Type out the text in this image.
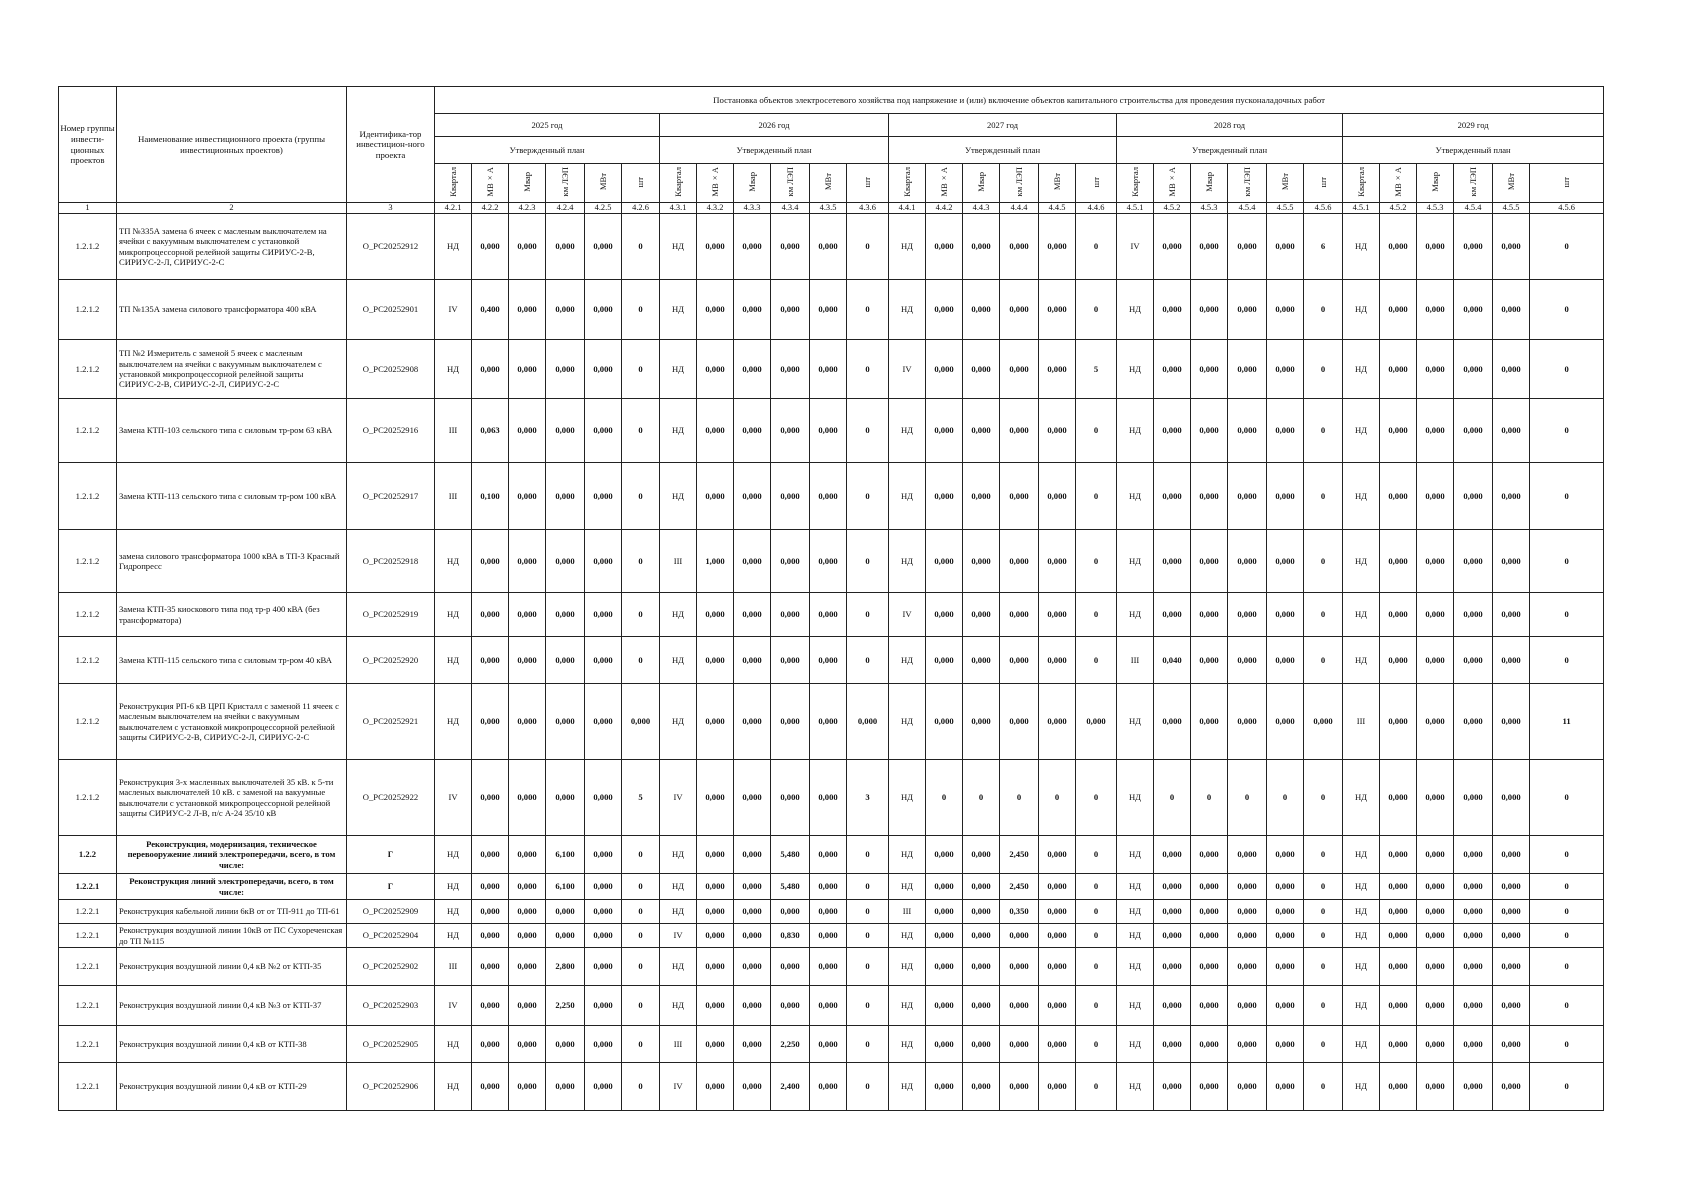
Номер группы инвести-ционных проектов	Наименование инвестиционного проекта (группы инвестиционных проектов)	Идентифика-тор инвестицион-ного проекта	Постановка объектов электросетевого хозяйства под напряжение и (или) включение объектов капитального строительства для проведения пусконаладочных работ																													
			2025 год						2026 год						2027 год						2028 год						2029 год					
			Утвержденный план						Утвержденный план						Утвержденный план						Утвержденный план						Утвержденный план					
			Квартал	МВ×А	Мвар	км ЛЭП	МВт	шт	Квартал	МВ×А	Мвар	км ЛЭП	МВт	шт	Квартал	МВ×А	Мвар	км ЛЭП	МВт	шт	Квартал	МВ×А	Мвар	км ЛЭП	МВт	шт	Квартал	МВ×А	Мвар	км ЛЭП	МВт	шт
1	2	3	4.2.1	4.2.2	4.2.3	4.2.4	4.2.5	4.2.6	4.3.1	4.3.2	4.3.3	4.3.4	4.3.5	4.3.6	4.4.1	4.4.2	4.4.3	4.4.4	4.4.5	4.4.6	4.5.1	4.5.2	4.5.3	4.5.4	4.5.5	4.5.6	4.5.1	4.5.2	4.5.3	4.5.4	4.5.5	4.5.6
1.2.1.2	ТП №335А замена 6 ячеек с масленым выключателем на ячейки с вакуумным выключателем с установкой микропроцессорной релейной защиты СИРИУС-2-В, СИРИУС-2-Л, СИРИУС-2-С	O_PC20252912	НД	0,000	0,000	0,000	0,000	0	НД	0,000	0,000	0,000	0,000	0	НД	0,000	0,000	0,000	0,000	0	IV	0,000	0,000	0,000	0,000	6	НД	0,000	0,000	0,000	0,000	0
1.2.1.2	ТП №135А замена силового трансформатора 400 кВА	O_PC20252901	IV	0,400	0,000	0,000	0,000	0	НД	0,000	0,000	0,000	0,000	0	НД	0,000	0,000	0,000	0,000	0	НД	0,000	0,000	0,000	0,000	0	НД	0,000	0,000	0,000	0,000	0
1.2.1.2	ТП №2 Измеритель с заменой 5 ячеек с масленым выключателем на ячейки с вакуумным выключателем с установкой микропроцессорной релейной защиты СИРИУС-2-В, СИРИУС-2-Л, СИРИУС-2-С	O_PC20252908	НД	0,000	0,000	0,000	0,000	0	НД	0,000	0,000	0,000	0,000	0	IV	0,000	0,000	0,000	0,000	5	НД	0,000	0,000	0,000	0,000	0	НД	0,000	0,000	0,000	0,000	0
1.2.1.2	Замена КТП-103 сельского типа с силовым тр-ром 63 кВА	O_PC20252916	III	0,063	0,000	0,000	0,000	0	НД	0,000	0,000	0,000	0,000	0	НД	0,000	0,000	0,000	0,000	0	НД	0,000	0,000	0,000	0,000	0	НД	0,000	0,000	0,000	0,000	0
1.2.1.2	Замена КТП-113 сельского типа с силовым тр-ром 100 кВА	O_PC20252917	III	0,100	0,000	0,000	0,000	0	НД	0,000	0,000	0,000	0,000	0	НД	0,000	0,000	0,000	0,000	0	НД	0,000	0,000	0,000	0,000	0	НД	0,000	0,000	0,000	0,000	0
1.2.1.2	замена силового трансформатора 1000 кВА в ТП-3 Красный Гидропресс	O_PC20252918	НД	0,000	0,000	0,000	0,000	0	III	1,000	0,000	0,000	0,000	0	НД	0,000	0,000	0,000	0,000	0	НД	0,000	0,000	0,000	0,000	0	НД	0,000	0,000	0,000	0,000	0
1.2.1.2	Замена КТП-35 киоскового типа под тр-р 400 кВА (без трансформатора)	O_PC20252919	НД	0,000	0,000	0,000	0,000	0	НД	0,000	0,000	0,000	0,000	0	IV	0,000	0,000	0,000	0,000	0	НД	0,000	0,000	0,000	0,000	0	НД	0,000	0,000	0,000	0,000	0
1.2.1.2	Замена КТП-115 сельского типа с силовым тр-ром 40 кВА	O_PC20252920	НД	0,000	0,000	0,000	0,000	0	НД	0,000	0,000	0,000	0,000	0	НД	0,000	0,000	0,000	0,000	0	III	0,040	0,000	0,000	0,000	0	НД	0,000	0,000	0,000	0,000	0
1.2.1.2	Реконструкция РП-6 кВ ЦРП Кристалл с заменой 11 ячеек с масленым выключателем на ячейки с вакуумным выключателем с установкой микропроцессорной релейной защиты СИРИУС-2-В, СИРИУС-2-Л, СИРИУС-2-С	O_PC20252921	НД	0,000	0,000	0,000	0,000	0,000	НД	0,000	0,000	0,000	0,000	0,000	НД	0,000	0,000	0,000	0,000	0,000	НД	0,000	0,000	0,000	0,000	0,000	III	0,000	0,000	0,000	0,000	11
1.2.1.2	Реконструкция 3-х масленных выключателей 35 кВ. к 5-ти масленых выключателей 10 кВ. с заменой на вакуумные выключатели с установкой микропроцессорной релейной защиты СИРИУС-2 Л-В, п/с А-24 35/10 кВ	O_PC20252922	IV	0,000	0,000	0,000	0,000	5	IV	0,000	0,000	0,000	0,000	3	НД	0	0	0	0	0	НД	0	0	0	0	0	НД	0,000	0,000	0,000	0,000	0
1.2.2	Реконструкция, модернизация, техническое перевооружение линий электропередачи, всего, в том числе:	Г	НД	0,000	0,000	6,100	0,000	0	НД	0,000	0,000	5,480	0,000	0	НД	0,000	0,000	2,450	0,000	0	НД	0,000	0,000	0,000	0,000	0	НД	0,000	0,000	0,000	0,000	0
1.2.2.1	Реконструкция линий электропередачи, всего, в том числе:	Г	НД	0,000	0,000	6,100	0,000	0	НД	0,000	0,000	5,480	0,000	0	НД	0,000	0,000	2,450	0,000	0	НД	0,000	0,000	0,000	0,000	0	НД	0,000	0,000	0,000	0,000	0
1.2.2.1	Реконструкция кабельной линии 6кВ от от ТП-911 до ТП-61	O_PC20252909	НД	0,000	0,000	0,000	0,000	0	НД	0,000	0,000	0,000	0,000	0	III	0,000	0,000	0,350	0,000	0	НД	0,000	0,000	0,000	0,000	0	НД	0,000	0,000	0,000	0,000	0
1.2.2.1	Реконструкция воздушной линии 10кВ от ПС Сухореченская до ТП №115	O_PC20252904	НД	0,000	0,000	0,000	0,000	0	IV	0,000	0,000	0,830	0,000	0	НД	0,000	0,000	0,000	0,000	0	НД	0,000	0,000	0,000	0,000	0	НД	0,000	0,000	0,000	0,000	0
1.2.2.1	Реконструкция воздушной линии 0,4 кВ №2 от КТП-35	O_PC20252902	III	0,000	0,000	2,800	0,000	0	НД	0,000	0,000	0,000	0,000	0	НД	0,000	0,000	0,000	0,000	0	НД	0,000	0,000	0,000	0,000	0	НД	0,000	0,000	0,000	0,000	0
1.2.2.1	Реконструкция воздушной линии 0,4 кВ №3 от КТП-37	O_PC20252903	IV	0,000	0,000	2,250	0,000	0	НД	0,000	0,000	0,000	0,000	0	НД	0,000	0,000	0,000	0,000	0	НД	0,000	0,000	0,000	0,000	0	НД	0,000	0,000	0,000	0,000	0
1.2.2.1	Реконструкция воздушной линии 0,4 кВ от КТП-38	O_PC20252905	НД	0,000	0,000	0,000	0,000	0	III	0,000	0,000	2,250	0,000	0	НД	0,000	0,000	0,000	0,000	0	НД	0,000	0,000	0,000	0,000	0	НД	0,000	0,000	0,000	0,000	0
1.2.2.1	Реконструкция воздушной линии 0,4 кВ от КТП-29	O_PC20252906	НД	0,000	0,000	0,000	0,000	0	IV	0,000	0,000	2,400	0,000	0	НД	0,000	0,000	0,000	0,000	0	НД	0,000	0,000	0,000	0,000	0	НД	0,000	0,000	0,000	0,000	0
